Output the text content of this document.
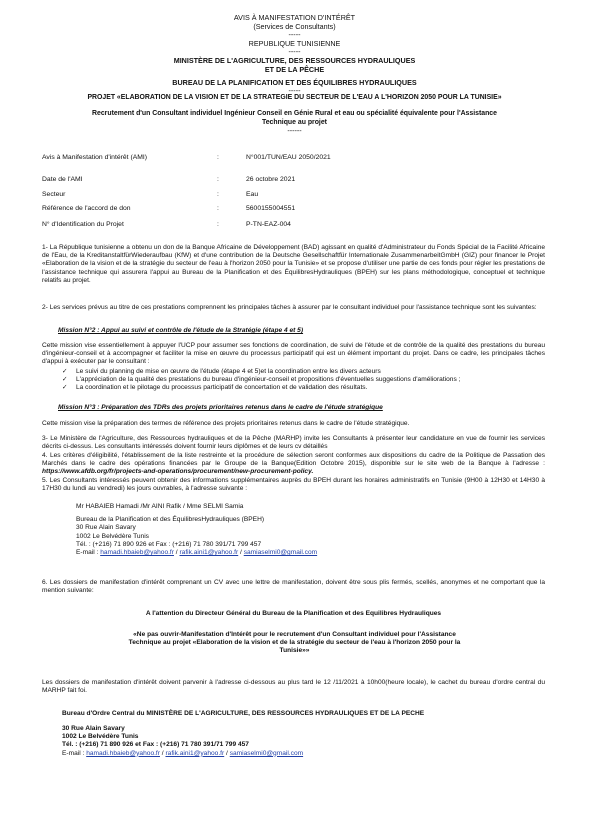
AVIS À MANIFESTATION D'INTÉRÊT
(Services de Consultants)
-----
REPUBLIQUE TUNISIENNE
-----
MINISTÈRE DE L'AGRICULTURE, DES RESSOURCES HYDRAULIQUES
ET DE LA PÊCHE
BUREAU DE LA PLANIFICATION ET DES ÉQUILIBRES HYDRAULIQUES
-----
PROJET «ELABORATION DE LA VISION ET DE LA STRATEGIE DU SECTEUR DE L'EAU A L'HORIZON 2050 POUR LA TUNISIE»
Recrutement d'un Consultant individuel Ingénieur Conseil en Génie Rural et eau ou spécialité équivalente pour l'Assistance
Technique au projet
------
Avis à Manifestation d'intérêt (AMI)	:	N°001/TUN/EAU 2050/2021
Date de l'AMI	:	26 octobre 2021
Secteur	:	Eau
Référence de l'accord de don	:	5600155004551
N° d'Identification du Projet	:	P-TN-EAZ-004
1- La République tunisienne a obtenu un don de la Banque Africaine de Développement (BAD) agissant en qualité d'Administrateur du Fonds Spécial de la Facilité Africaine de l'Eau, de la KreditanstaltfürWiederaufbau (KfW) et d'une contribution de la Deutsche Gesellschaftfür Internationale ZusammenarbeitGmbH (GIZ) pour financer le Projet «Elaboration de la vision et de la stratégie du secteur de l'eau à l'horizon 2050 pour la Tunisie» et se propose d'utiliser une partie de ces fonds pour régler les prestations de l'assistance technique qui assurera l'appui au Bureau de la Planification et des ÉquilibresHydrauliques (BPEH) sur les plans méthodologique, conceptuel et technique relatifs au projet.
2- Les services prévus au titre de ces prestations comprennent les principales tâches à assurer par le consultant individuel pour l'assistance technique sont les suivantes:
Mission N°2 : Appui au suivi et contrôle de l'étude de la Stratégie (étape 4 et 5)
Cette mission vise essentiellement à appuyer l'UCP pour assumer ses fonctions de coordination, de suivi de l'étude et de contrôle de la qualité des prestations du bureau d'ingénieur-conseil et à accompagner et faciliter la mise en œuvre du processus participatif qui est un élément important du projet. Dans ce cadre, les principales tâches d'appui à exécuter par le consultant :
✓ Le suivi du planning de mise en œuvre de l'étude (étape 4 et 5)et la coordination entre les divers acteurs
✓ L'appréciation de la qualité des prestations du bureau d'ingénieur-conseil et propositions d'éventuelles suggestions d'améliorations ;
✓ La coordination et le pilotage du processus participatif de concertation et de validation des résultats.
Mission N°3 : Préparation des TDRs des projets prioritaires retenus dans le cadre de l'étude stratégique
Cette mission vise la préparation des termes de référence des projets prioritaires retenus dans le cadre de l'étude stratégique.
3- Le Ministère de l'Agriculture, des Ressources hydrauliques et de la Pêche (MARHP) invite les Consultants à présenter leur candidature en vue de fournir les services décrits ci-dessus. Les consultants intéressés doivent fournir leurs diplômes et de leurs cv détaillés
4. Les critères d'éligibilité, l'établissement de la liste restreinte et la procédure de sélection seront conformes aux dispositions du cadre de la Politique de Passation des Marchés dans le cadre des opérations financées par le Groupe de la Banque(Edition Octobre 2015), disponible sur le site web de la Banque à l'adresse : https://www.afdb.org/fr/projects-and-operations/procurement/new-procurement-policy.
5. Les Consultants intéressés peuvent obtenir des informations supplémentaires auprès du BPEH durant les horaires administratifs en Tunisie (9H00 à 12H30 et 14H30 à 17H30 du lundi au vendredi) les jours ouvrables, à l'adresse suivante :
Mr HABAIEB Hamadi /Mr AINI Rafik / Mme SELMI Samia
Bureau de la Planification et des ÉquilibresHydrauliques (BPEH)
30 Rue Alain Savary
1002 Le Belvédère Tunis
Tél. : (+216) 71 890 926 et Fax : (+216) 71 780 391/71 799 457
E-mail : hamadi.hbaieb@yahoo.fr / rafik.aini1@yahoo.fr / samiaselmi0@gmail.com
6. Les dossiers de manifestation d'intérêt comprenant un CV avec une lettre de manifestation, doivent être sous plis fermés, scellés, anonymes et ne comportant que la mention suivante:
A l'attention du Directeur Général du Bureau de la Planification et des Equilibres Hydrauliques
«Ne pas ouvrir-Manifestation d'Intérêt pour le recrutement d'un Consultant individuel pour l'Assistance
Technique au projet «Elaboration de la vision et de la stratégie du secteur de l'eau à l'horizon 2050 pour la
Tunisie»»
Les dossiers de manifestation d'intérêt doivent parvenir à l'adresse ci-dessous au plus tard le 12 /11/2021 à 10h00(heure locale), le cachet du bureau d'ordre central du MARHP fait foi.
Bureau d'Ordre Central du MINISTÈRE DE L'AGRICULTURE, DES RESSOURCES HYDRAULIQUES ET DE LA PECHE
30 Rue Alain Savary
1002 Le Belvédère Tunis
Tél. : (+216) 71 890 926 et Fax : (+216) 71 780 391/71 799 457
E-mail : hamadi.hbaieb@yahoo.fr / rafik.aini1@yahoo.fr / samiaselmi0@gmail.com
